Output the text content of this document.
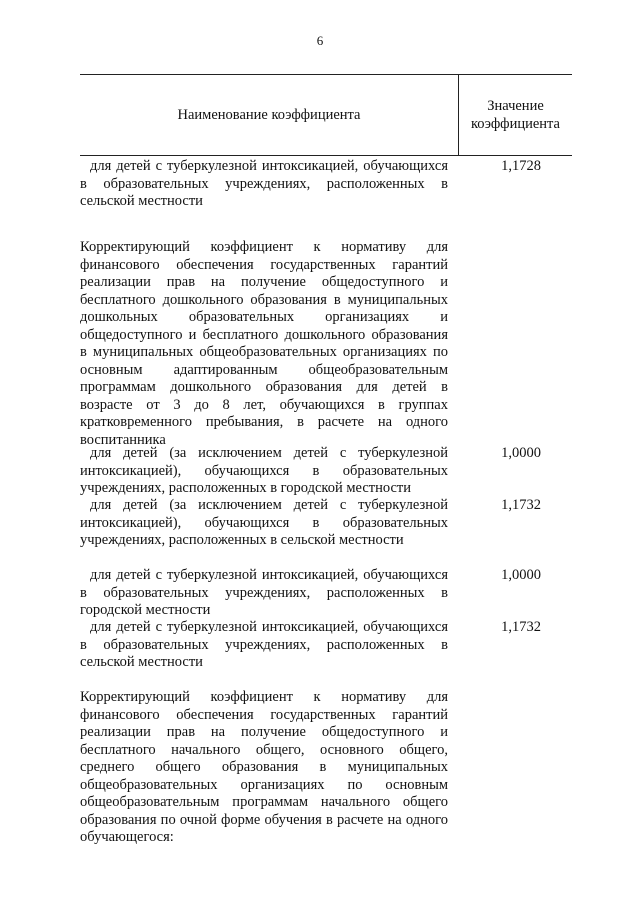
6
Наименование коэффициента
Значение коэффициента
для детей с туберкулезной интоксикацией, обучающихся в образовательных учреждениях, расположенных в сельской местности
1,1728
Корректирующий коэффициент к нормативу для финансового обеспечения государственных гарантий реализации прав на получение общедоступного и бесплатного дошкольного образования в муниципальных дошкольных образовательных организациях и общедоступного и бесплатного дошкольного образования в муниципальных общеобразовательных организациях по основным адаптированным общеобразовательным программам дошкольного образования для детей в возрасте от 3 до 8 лет, обучающихся в группах кратковременного пребывания, в расчете на одного воспитанника
для детей (за исключением детей с туберкулезной интоксикацией), обучающихся в образовательных учреждениях, расположенных в городской местности
1,0000
для детей (за исключением детей с туберкулезной интоксикацией), обучающихся в образовательных учреждениях, расположенных в сельской местности
1,1732
для детей с туберкулезной интоксикацией, обучающихся в образовательных учреждениях, расположенных в городской местности
1,0000
для детей с туберкулезной интоксикацией, обучающихся в образовательных учреждениях, расположенных в сельской местности
1,1732
Корректирующий коэффициент к нормативу для финансового обеспечения государственных гарантий реализации прав на получение общедоступного и бесплатного начального общего, основного общего, среднего общего образования в муниципальных общеобразовательных организациях по основным общеобразовательным программам начального общего образования по очной форме обучения в расчете на одного обучающегося:
